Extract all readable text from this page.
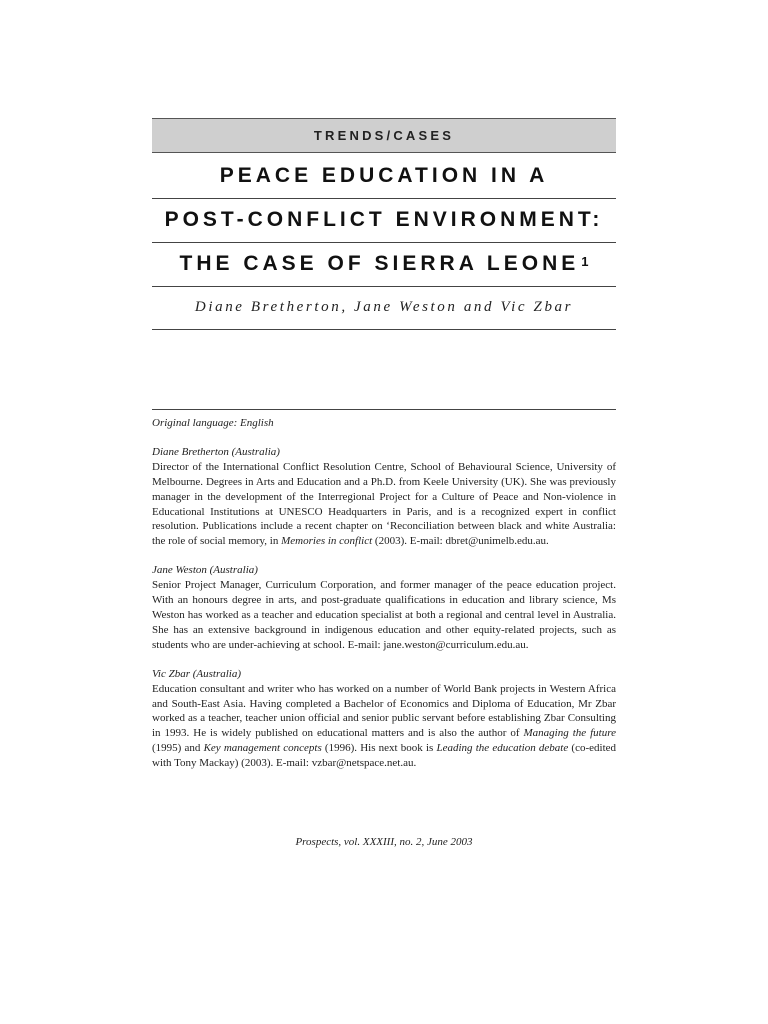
TRENDS/CASES
PEACE EDUCATION IN A
POST-CONFLICT ENVIRONMENT:
THE CASE OF SIERRA LEONE$^1$
Diane Bretherton, Jane Weston and Vic Zbar

Original language: English

Diane Bretherton (Australia)

Director of the International Conflict Resolution Centre, School of Behavioural Science, University of Melbourne. Degrees in Arts and Education and a Ph.D. from Keele University (UK). She was previously manager in the development of the Interregional Project for a Culture of Peace and Non-violence in Educational Institutions at UNESCO Headquarters in Paris, and is a recognized expert in conflict resolution. Publications include a recent chapter on ‘Reconciliation between black and white Australia: the role of social memory, in Memories in conflict (2003). E-mail: dbret@unimelb.edu.au.

Jane Weston (Australia)

Senior Project Manager, Curriculum Corporation, and former manager of the peace education project. With an honours degree in arts, and post-graduate qualifications in education and library science, Ms Weston has worked as a teacher and education specialist at both a regional and central level in Australia. She has an extensive background in indigenous education and other equity-related projects, such as students who are under-achieving at school. E-mail: jane.weston@curriculum.edu.au.

Vic Zbar (Australia)

Education consultant and writer who has worked on a number of World Bank projects in Western Africa and South-East Asia. Having completed a Bachelor of Economics and Diploma of Education, Mr Zbar worked as a teacher, teacher union official and senior public servant before establishing Zbar Consulting in 1993. He is widely published on educational matters and is also the author of Managing the future (1995) and Key management concepts (1996). His next book is Leading the education debate (co-edited with Tony Mackay) (2003). E-mail: vzbar@netspace.net.au.

Prospects, vol. XXXIII, no. 2, June 2003
